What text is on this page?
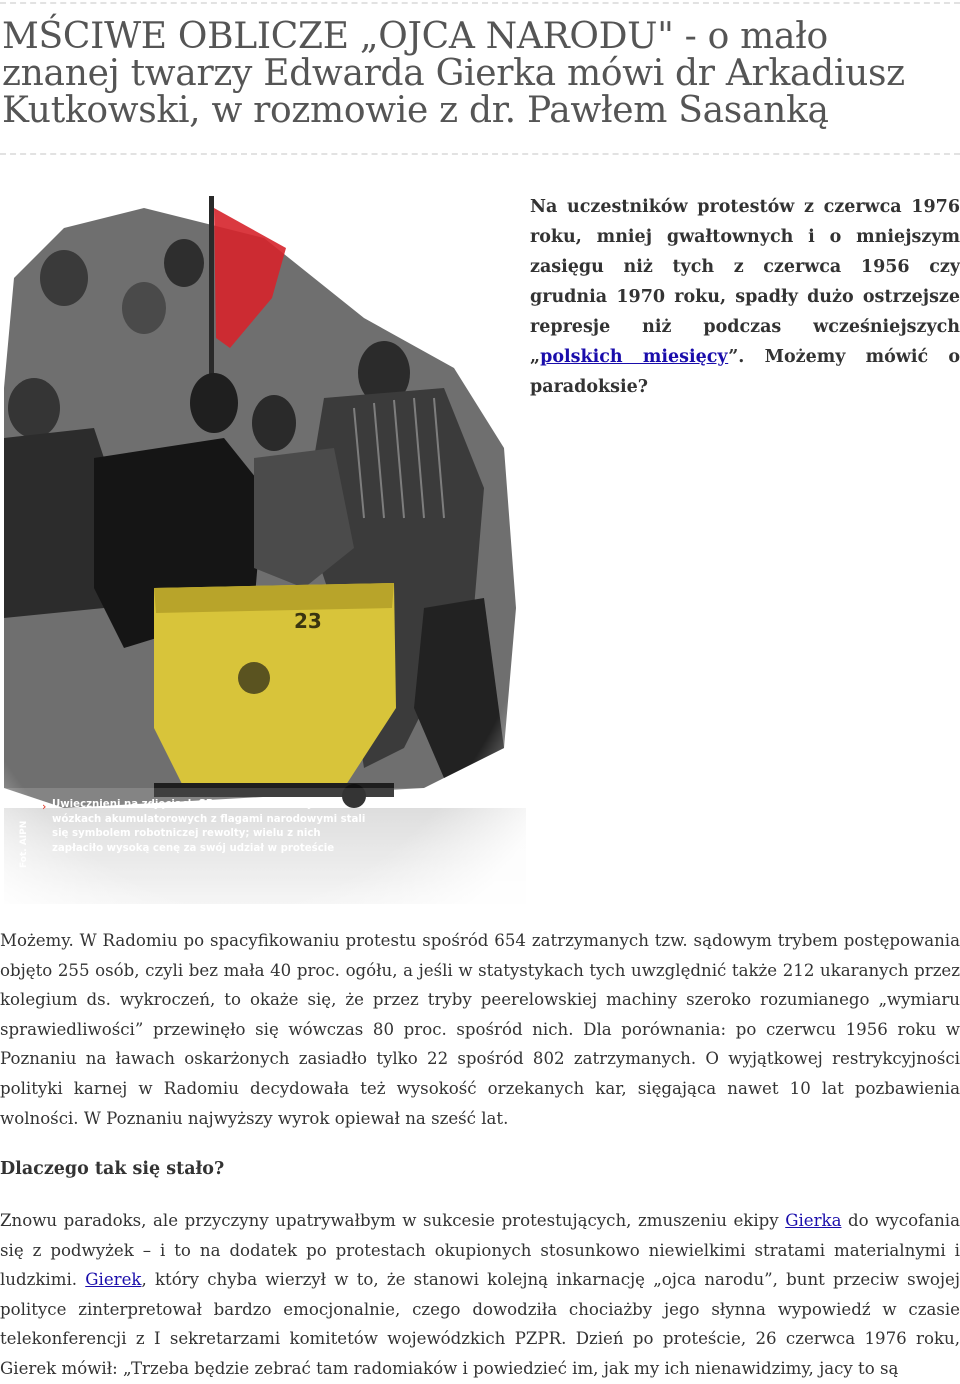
MŚCIWE OBLICZE „OJCA NARODU" - o mało znanej twarzy Edwarda Gierka mówi dr Arkadiusz Kutkowski, w rozmowie z dr. Pawłem Sasanką
› Uwiecznieni na zdjęciach SB młodzi robotnicy na wózkach akumulatorowych z flagami narodowymi stali się symbolem robotniczej rewolty; wielu z nich zapłaciło wysoką cenę za swój udział w proteście
Fot. AIPN

Na uczestników protestów z czerwca 1976 roku, mniej gwałtownych i o mniejszym zasięgu niż tych z czerwca 1956 czy grudnia 1970 roku, spadły dużo ostrzejsze represje niż podczas wcześniejszych „polskich miesięcy”. Możemy mówić o paradoksie?

Możemy. W Radomiu po spacyfikowaniu protestu spośród 654 zatrzymanych tzw. sądowym trybem postępowania objęto 255 osób, czyli bez mała 40 proc. ogółu, a jeśli w statystykach tych uwzględnić także 212 ukaranych przez kolegium ds. wykroczeń, to okaże się, że przez tryby peerelowskiej machiny szeroko rozumianego „wymiaru sprawiedliwości” przewinęło się wówczas 80 proc. spośród nich. Dla porównania: po czerwcu 1956 roku w Poznaniu na ławach oskarżonych zasiadło tylko 22 spośród 802 zatrzymanych. O wyjątkowej restrykcyjności polityki karnej w Radomiu decydowała też wysokość orzekanych kar, sięgająca nawet 10 lat pozbawienia wolności. W Poznaniu najwyższy wyrok opiewał na sześć lat.

Dlaczego tak się stało?

Znowu paradoks, ale przyczyny upatrywałbym w sukcesie protestujących, zmuszeniu ekipy Gierka do wycofania się z podwyżek – i to na dodatek po protestach okupionych stosunkowo niewielkimi stratami materialnymi i ludzkimi. Gierek, który chyba wierzył w to, że stanowi kolejną inkarnację „ojca narodu”, bunt przeciw swojej polityce zinterpretował bardzo emocjonalnie, czego dowodziła chociażby jego słynna wypowiedź w czasie telekonferencji z I sekretarzami komitetów wojewódzkich PZPR. Dzień po proteście, 26 czerwca 1976 roku, Gierek mówił: „Trzeba będzie zebrać tam radomiaków i powiedzieć im, jak my ich nienawidzimy, jacy to są
